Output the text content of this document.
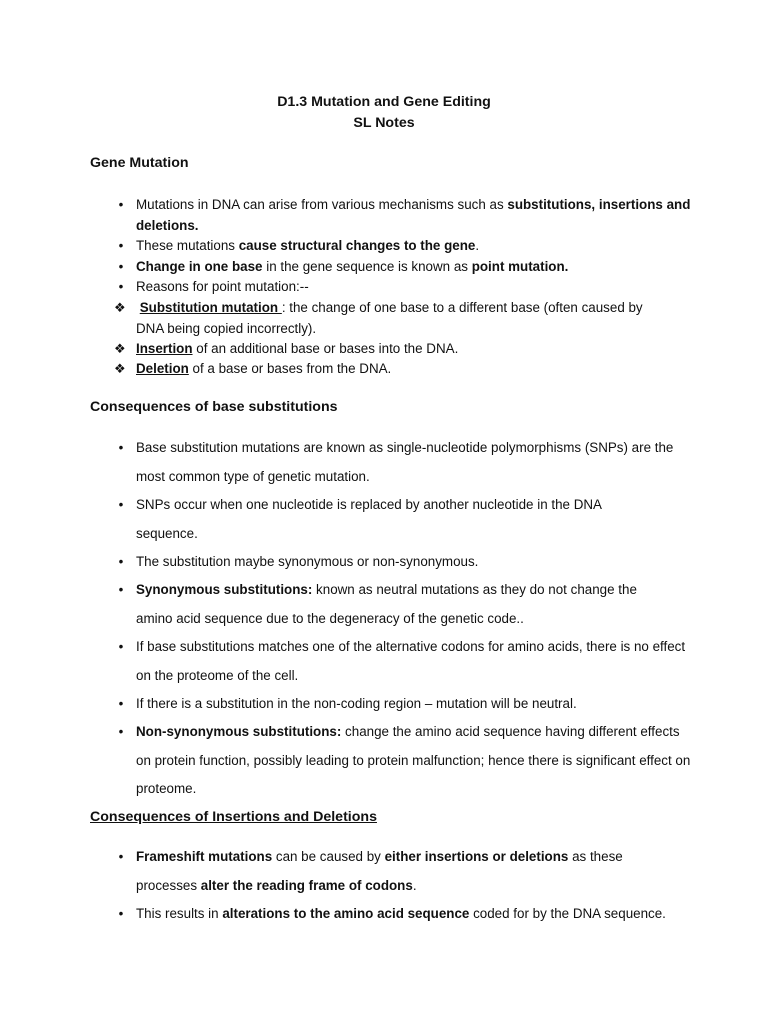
D1.3 Mutation and Gene Editing
SL Notes
Gene Mutation
• Mutations in DNA can arise from various mechanisms such as substitutions, insertions and deletions.
• These mutations cause structural changes to the gene.
• Change in one base in the gene sequence is known as point mutation.
• Reasons for point mutation:--
❖ Substitution mutation : the change of one base to a different base (often caused by DNA being copied incorrectly).
❖ Insertion of an additional base or bases into the DNA.
❖ Deletion of a base or bases from the DNA.
Consequences of base substitutions
• Base substitution mutations are known as single-nucleotide polymorphisms (SNPs) are the most common type of genetic mutation.
• SNPs occur when one nucleotide is replaced by another nucleotide in the DNA sequence.
• The substitution maybe synonymous or non-synonymous.
• Synonymous substitutions: known as neutral mutations as they do not change the amino acid sequence due to the degeneracy of the genetic code..
• If base substitutions matches one of the alternative codons for amino acids, there is no effect on the proteome of the cell.
• If there is a substitution in the non-coding region – mutation will be neutral.
• Non-synonymous substitutions: change the amino acid sequence having different effects on protein function, possibly leading to protein malfunction; hence there is significant effect on proteome.
Consequences of Insertions and Deletions
• Frameshift mutations can be caused by either insertions or deletions as these processes alter the reading frame of codons.
• This results in alterations to the amino acid sequence coded for by the DNA sequence.
